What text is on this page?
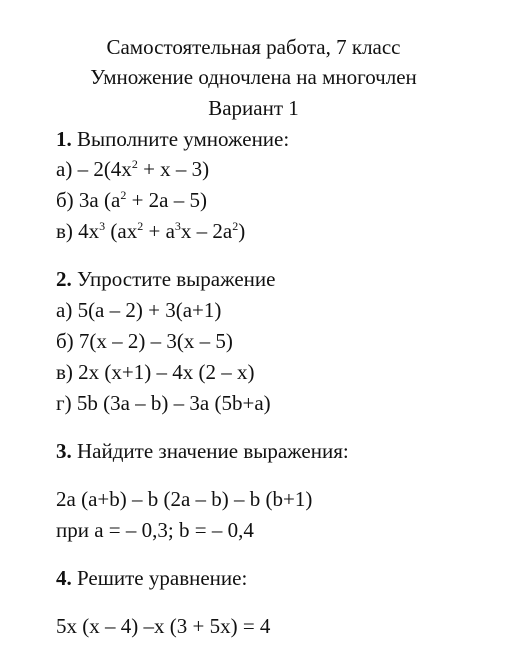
Самостоятельная работа, 7 класс
Умножение одночлена на многочлен
Вариант 1
1. Выполните умножение:
$а) - 2(4x^2 + x - 3)$
б) 3a $(a^2 + 2a - 5)$
в) $4x^3$ $(ax^2 + a^3x - 2a^2)$
2. Упростите выражение
а) 5(a – 2) + 3(a+1)
б) 7(x – 2) – 3(x – 5)
в) 2x (x+1) – 4x (2 – x)
г) 5b (3a – b) – 3a (5b+a)
3. Найдите значение выражения:
2a (a+b) – b (2a – b) – b (b+1)
при a = – 0,3; b = – 0,4
4. Решите уравнение:
5x (x – 4) –x (3 + 5x) = 4
